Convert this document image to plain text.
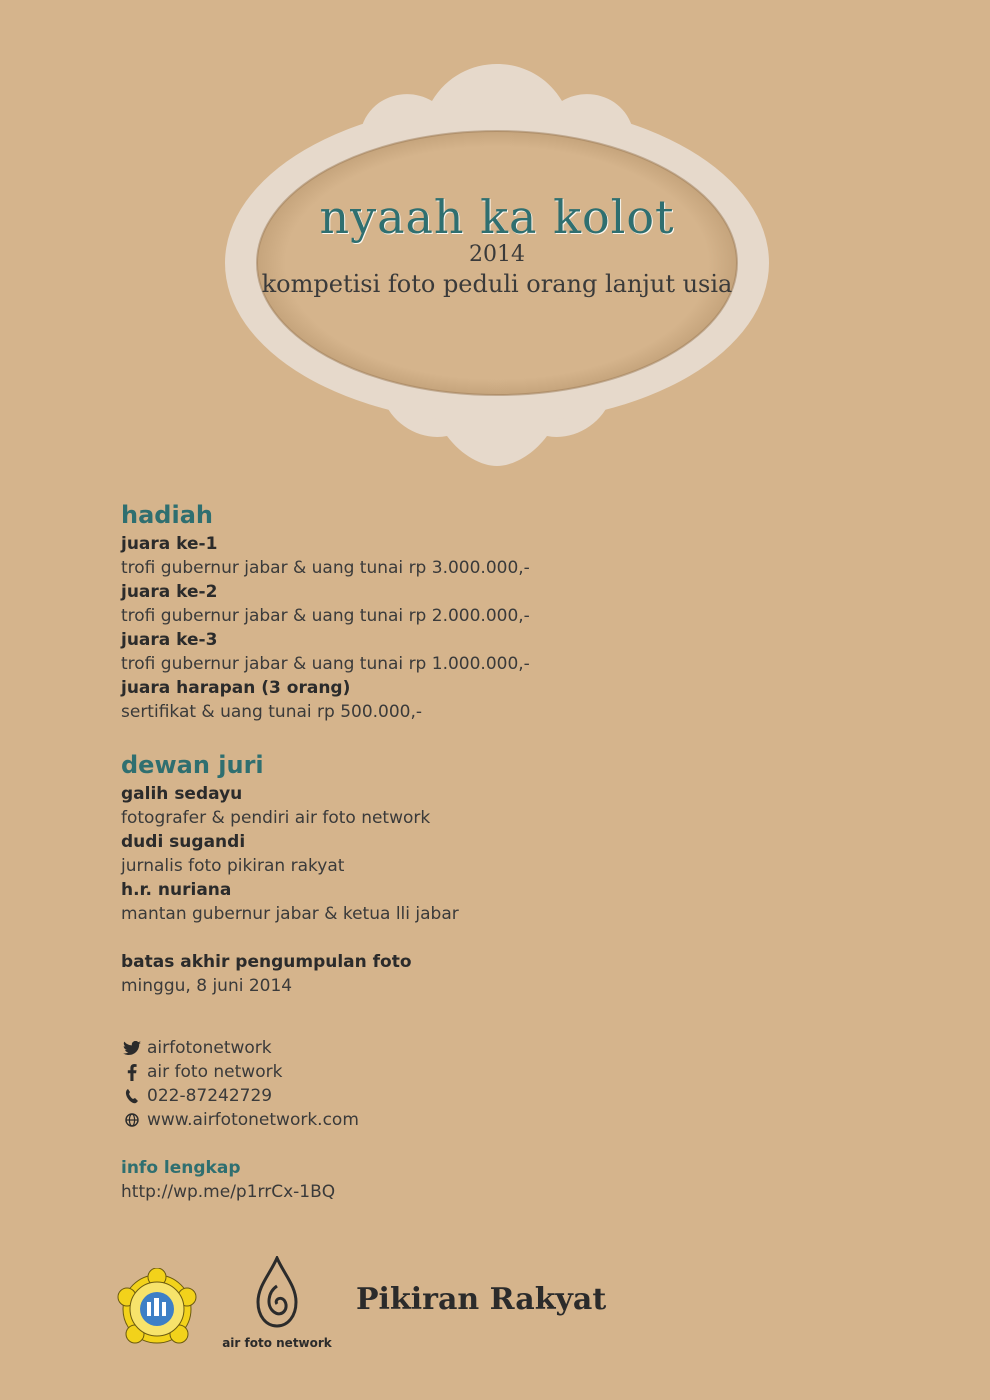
nyaah ka kolot
2014
kompetisi foto peduli orang lanjut usia
hadiah
juara ke-1
trofi gubernur jabar & uang tunai rp 3.000.000,-
juara ke-2
trofi gubernur jabar & uang tunai rp 2.000.000,-
juara ke-3
trofi gubernur jabar & uang tunai rp 1.000.000,-
juara harapan (3 orang)
sertifikat & uang tunai rp 500.000,-
dewan juri
galih sedayu
fotografer & pendiri air foto network
dudi sugandi
jurnalis foto pikiran rakyat
h.r. nuriana
mantan gubernur jabar & ketua lli jabar
batas akhir pengumpulan foto
minggu, 8 juni 2014
airfotonetwork
air foto network
022-87242729
www.airfotonetwork.com
info lengkap
http://wp.me/p1rrCx-1BQ
air foto network
Pikiran Rakyat
